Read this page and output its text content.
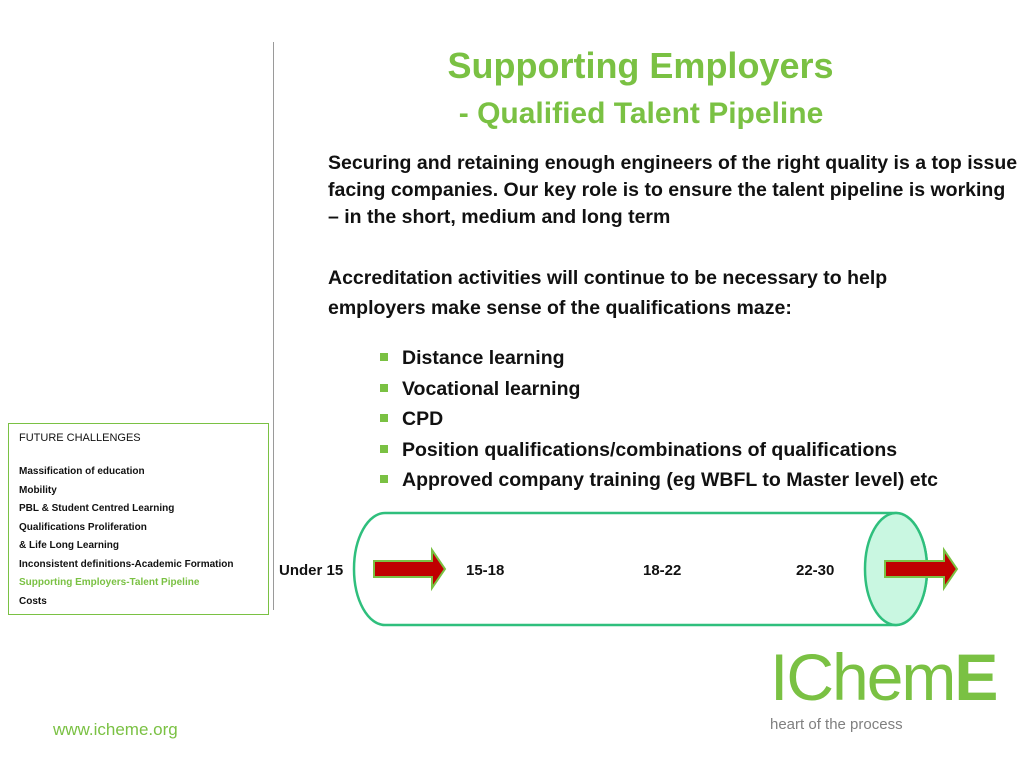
Supporting Employers
- Qualified Talent Pipeline

Securing and retaining enough engineers of the right quality is a top issue facing companies. Our key role is to ensure the talent pipeline is working – in the short, medium and long term

Accreditation activities will continue to be necessary to help employers make sense of the qualifications maze:

Distance learning
Vocational learning
CPD
Position qualifications/combinations of qualifications
Approved company training (eg WBFL to Master level) etc
FUTURE CHALLENGES
Massification of education
Mobility
PBL & Student Centred Learning
Qualifications Proliferation
& Life Long Learning
Inconsistent definitions-Academic Formation
Supporting Employers-Talent Pipeline
Costs
Under 15	15-18	18-22	22-30
www.icheme.org
IChemE
heart of the process
